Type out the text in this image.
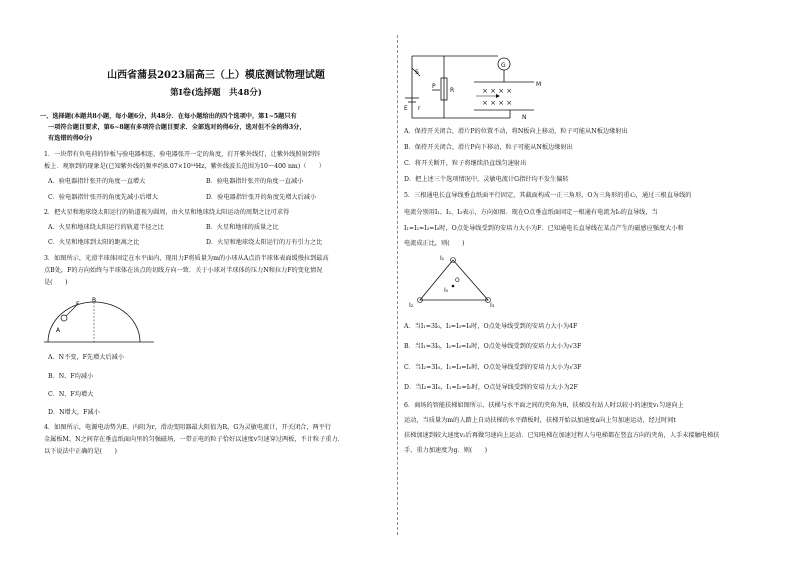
山西省蒲县2023届高三（上）模底测试物理试题
第Ⅰ卷(选择题　共48分)
一、选择题(本题共8小题，每小题6分，共48分．在每小题给出的四个选项中，第1~5题只有
一项符合题目要求，第6~8题有多项符合题目要求．全部选对的得6分，选对但不全的得3分，
有选错的得0分)
1．一块带有负电荷的锌板与验电器相连，验电器张开一定的角度，打开紫外线灯，让紫外线照射到锌
板上．观察到的现象是(已知紫外线的频率约8.07×10¹⁴Hz，紫外线波长范围为10～400 nm)（　　）
A．验电器指针张开的角度一直增大	B．验电器指针张开的角度一直减小
C．验电器指针张开的角度先减小后增大	D．验电器指针张开的角度先增大后减小
2．把火星和地球绕太阳运行的轨道视为圆周，由火星和地球绕太阳运动的周期之比可求得
A．火星和地球绕太阳运行的轨道半径之比	B．火星和地球的质量之比
C．火星和地球到太阳的距离之比	D．火星和地球绕太阳运行的万有引力之比
3．如图所示，光滑半球体固定在水平面内，现用力F将质量为m的小球从A点沿半球体表面缓慢拉到最高
点B处，F的方向始终与半球体在该点的切线方向一致．关于小球对半球体的压力N和拉力F的变化情况
是(　　)
F
B
A
A．N不变，F先增大后减小
B．N、F均减小
C．N、F均增大
D．N增大，F减小
4．如图所示，电源电动势为E、内阻为r，滑动变阻器最大阻值为R，G为灵敏电流计，开关闭合，两平行
金属板M、N之间存在垂直纸面向里的匀强磁场，一带正电的粒子恰好以速度v匀速穿过两板，不计粒子重力．
以下说法中正确的是(　　)
S
G
M
N
R
P
E r
× × × ×
× × × ×
A．保持开关闭合，滑片P的位置不动，将N板向上移动，粒子可能从N板边缘射出
B．保持开关闭合，滑片P向下移动，粒子可能从N板边缘射出
C．将开关断开，粒子将继续沿直线匀速射出
D．把上述三个选项情况中，灵敏电流计G指针均不发生偏转
5．三根通电长直导线垂直纸面平行固定，其截面构成一正三角形，O为三角形的重心，通过三根直导线的
电流分别用I₁、I₂、I₃表示，方向如图．现在O点垂直纸面固定一根通有电流为I₀的直导线，当
I₁=I₂=I₃=I₀时，O点处导线受到的安培力大小为F．已知通电长直导线在某点产生的磁感应强度大小和
电流成正比，则(　　)
I₁
I₂	I₃
O
I₀
A．当I₁=3I₀，I₂=I₃=I₀时，O点处导线受到的安培力大小为4F
B．当I₁=3I₀，I₂=I₃=I₀时，O点处导线受到的安培力大小为√3F
C．当I₂=3I₀，I₁=I₃=I₀时，O点处导线受到的安培力大小为√3F
D．当I₃=3I₀，I₁=I₂=I₀时，O点处导线受到的安培力大小为2F
6．商场的智能扶梯如图所示，扶梯与水平面之间的夹角为θ，扶梯没有站人时以较小的速度v₁匀速向上
运动，当质量为m的人踏上自动扶梯的水平踏板时，扶梯开始以加速度a向上匀加速运动，经过时间t
扶梯加速到较大速度v₂后再做匀速向上运动．已知电梯在加速过程人与电梯都在竖直方向的夹角，人手未接触电梯扶
手，重力加速度为g．则(　　)
